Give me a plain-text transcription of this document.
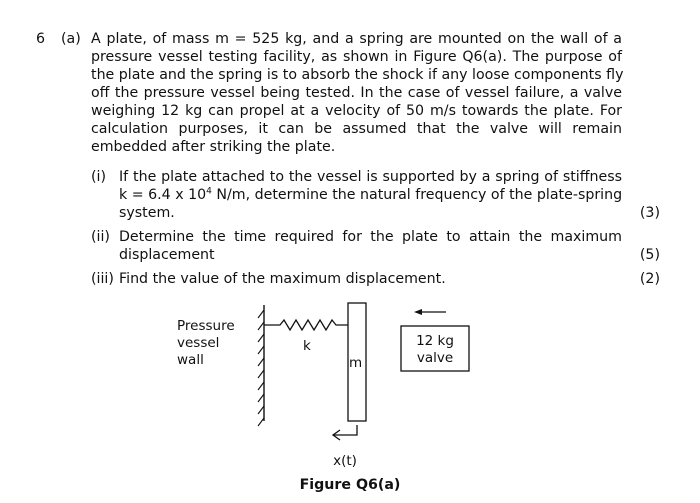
6 (a) A plate, of mass m = 525 kg, and a spring are mounted on the wall of a
pressure vessel testing facility, as shown in Figure Q6(a). The purpose of
the plate and the spring is to absorb the shock if any loose components fly
off the pressure vessel being tested. In the case of vessel failure, a valve
weighing 12 kg can propel at a velocity of 50 m/s towards the plate. For
calculation purposes, it can be assumed that the valve will remain
embedded after striking the plate.
(i) If the plate attached to the vessel is supported by a spring of stiffness
k = 6.4 x $10^4$ N/m, determine the natural frequency of the plate-spring
system.	(3)
(ii) Determine the time required for the plate to attain the maximum
displacement	(5)
(iii) Find the value of the maximum displacement.	(2)
Pressure
vessel
wall
k
m
12 kg
valve
x(t)
Figure Q6(a)
